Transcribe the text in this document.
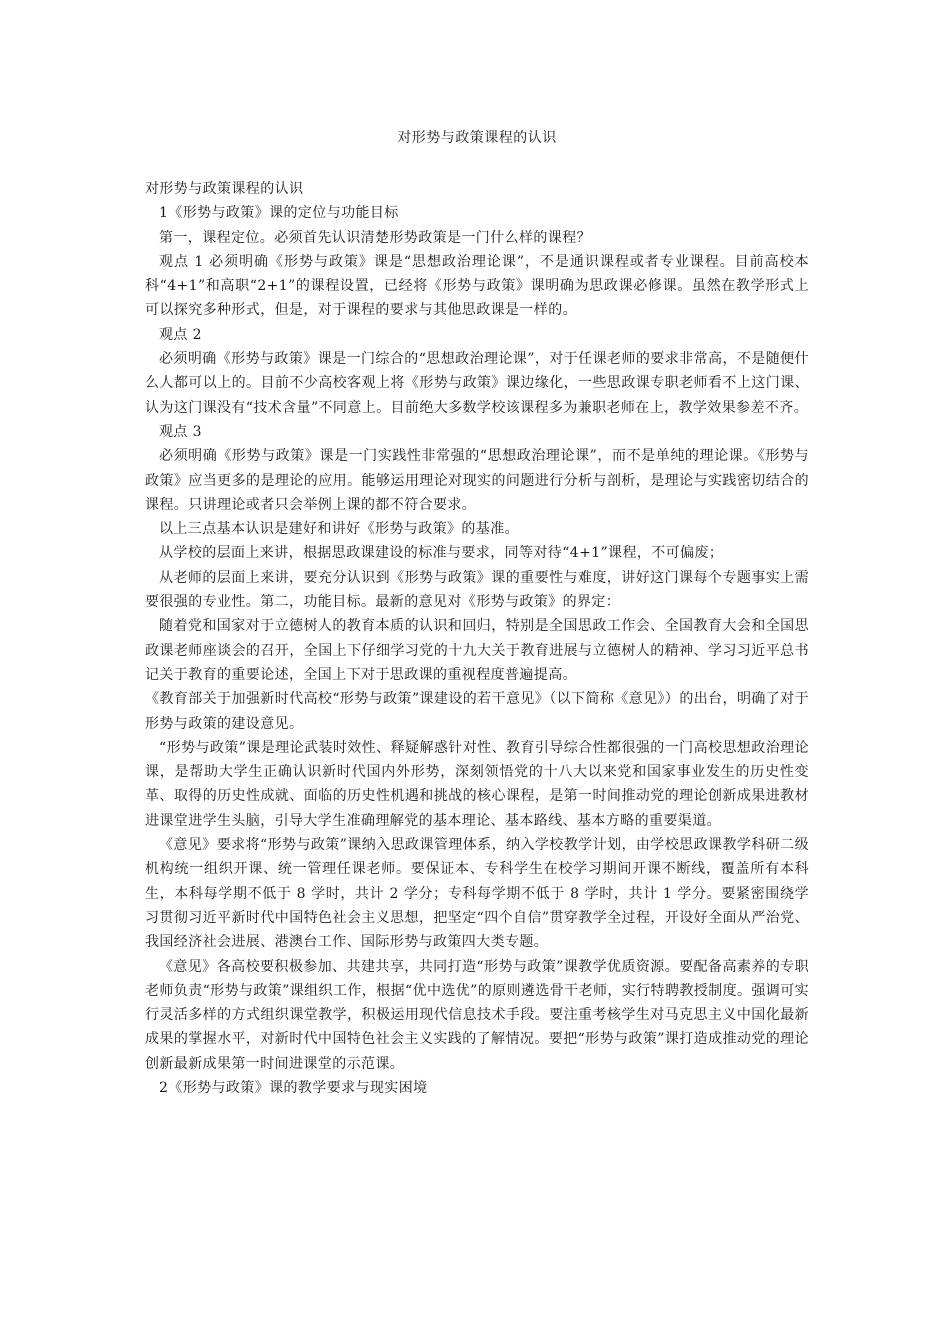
对形势与政策课程的认识

对形势与政策课程的认识

1《形势与政策》课的定位与功能目标

第一，课程定位。必须首先认识清楚形势政策是一门什么样的课程？

观点 1 必须明确《形势与政策》课是“思想政治理论课”，不是通识课程或者专业课程。目前高校本科“4+1”和高职“2+1”的课程设置，已经将《形势与政策》课明确为思政课必修课。虽然在教学形式上可以探究多种形式，但是，对于课程的要求与其他思政课是一样的。

观点 2

必须明确《形势与政策》课是一门综合的“思想政治理论课”，对于任课老师的要求非常高，不是随便什么人都可以上的。目前不少高校客观上将《形势与政策》课边缘化，一些思政课专职老师看不上这门课、认为这门课没有“技术含量”不同意上。目前绝大多数学校该课程多为兼职老师在上，教学效果参差不齐。

观点 3

必须明确《形势与政策》课是一门实践性非常强的“思想政治理论课”，而不是单纯的理论课。《形势与政策》应当更多的是理论的应用。能够运用理论对现实的问题进行分析与剖析，是理论与实践密切结合的课程。只讲理论或者只会举例上课的都不符合要求。

以上三点基本认识是建好和讲好《形势与政策》的基准。

从学校的层面上来讲，根据思政课建设的标准与要求，同等对待“4+1”课程，不可偏废；

从老师的层面上来讲，要充分认识到《形势与政策》课的重要性与难度，讲好这门课每个专题事实上需要很强的专业性。第二，功能目标。最新的意见对《形势与政策》的界定：

随着党和国家对于立德树人的教育本质的认识和回归，特别是全国思政工作会、全国教育大会和全国思政课老师座谈会的召开，全国上下仔细学习党的十九大关于教育进展与立德树人的精神、学习习近平总书记关于教育的重要论述，全国上下对于思政课的重视程度普遍提高。

《教育部关于加强新时代高校“形势与政策”课建设的若干意见》（以下简称《意见》）的出台，明确了对于形势与政策的建设意见。

“形势与政策”课是理论武装时效性、释疑解惑针对性、教育引导综合性都很强的一门高校思想政治理论课，是帮助大学生正确认识新时代国内外形势，深刻领悟党的十八大以来党和国家事业发生的历史性变革、取得的历史性成就、面临的历史性机遇和挑战的核心课程，是第一时间推动党的理论创新成果进教材进课堂进学生头脑，引导大学生准确理解党的基本理论、基本路线、基本方略的重要渠道。

《意见》要求将“形势与政策”课纳入思政课管理体系，纳入学校教学计划，由学校思政课教学科研二级机构统一组织开课、统一管理任课老师。要保证本、专科学生在校学习期间开课不断线，覆盖所有本科生，本科每学期不低于 8 学时，共计 2 学分；专科每学期不低于 8 学时，共计 1 学分。要紧密围绕学习贯彻习近平新时代中国特色社会主义思想，把坚定“四个自信”贯穿教学全过程，开设好全面从严治党、我国经济社会进展、港澳台工作、国际形势与政策四大类专题。

《意见》各高校要积极参加、共建共享，共同打造“形势与政策”课教学优质资源。要配备高素养的专职老师负责“形势与政策”课组织工作，根据“优中选优”的原则遴选骨干老师，实行特聘教授制度。强调可实行灵活多样的方式组织课堂教学，积极运用现代信息技术手段。要注重考核学生对马克思主义中国化最新成果的掌握水平，对新时代中国特色社会主义实践的了解情况。要把“形势与政策”课打造成推动党的理论创新最新成果第一时间进课堂的示范课。

2《形势与政策》课的教学要求与现实困境
